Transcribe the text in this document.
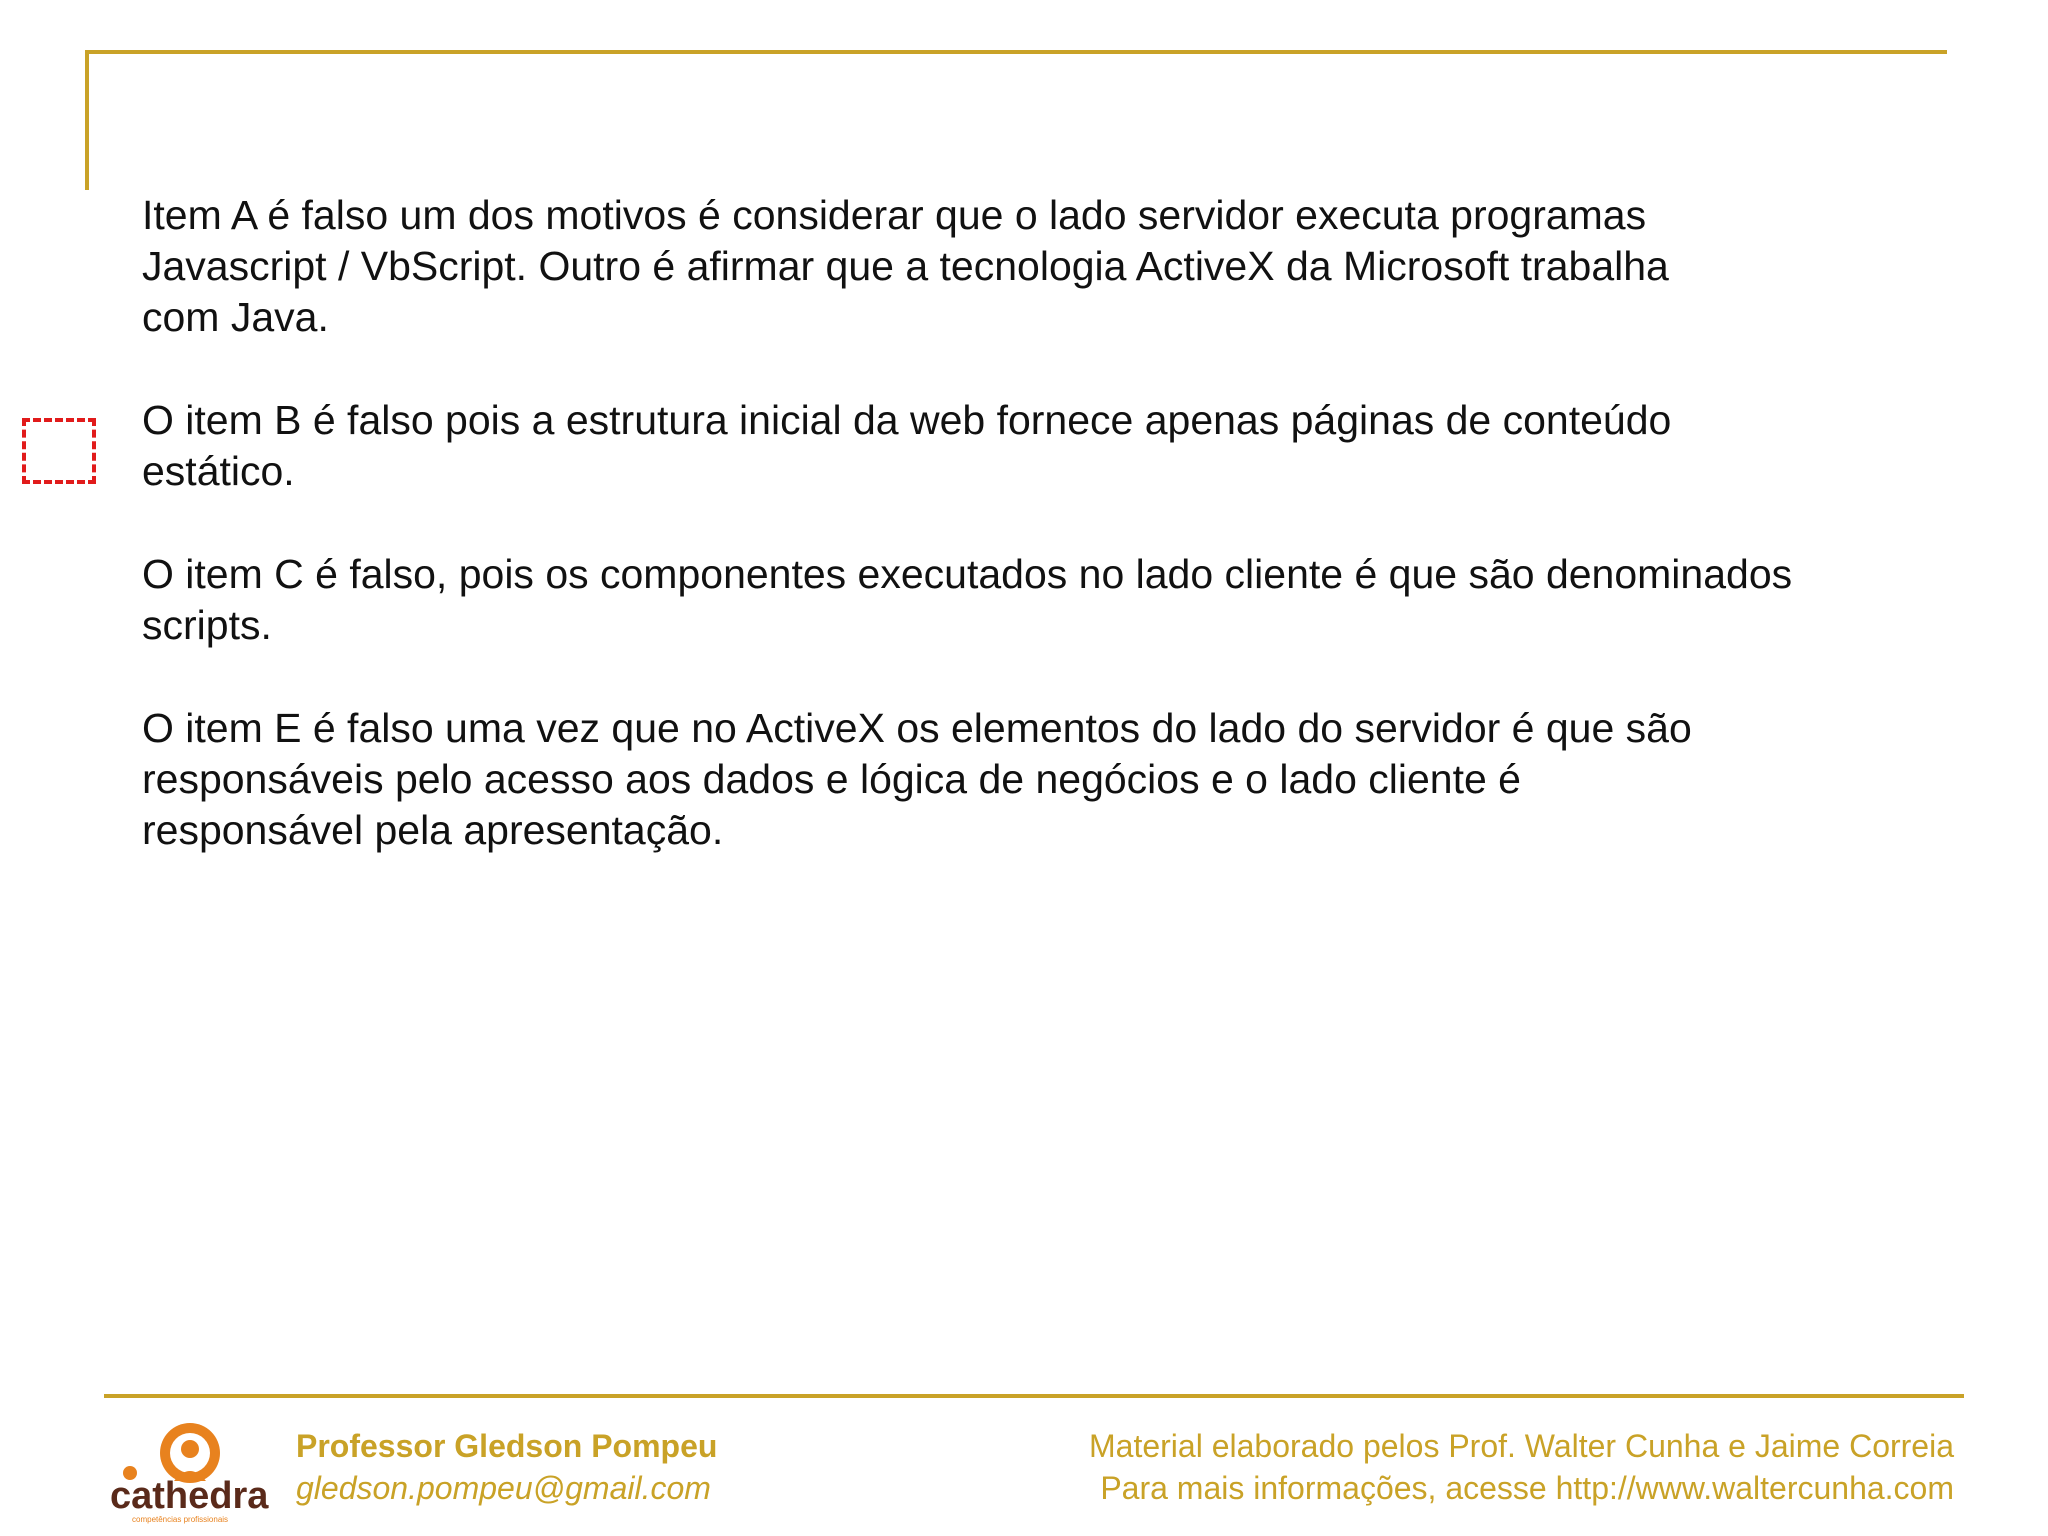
Item A é falso um dos motivos é considerar que o lado servidor executa programas
Javascript / VbScript. Outro é afirmar que a tecnologia ActiveX da Microsoft trabalha
com Java.

O item B é falso pois a estrutura inicial da web fornece apenas páginas de conteúdo
estático.

O item C é falso, pois os componentes executados no lado cliente é que são denominados
scripts.

O item E é falso uma vez que no ActiveX os elementos do lado do servidor é que são
responsáveis pelo acesso aos dados e lógica de negócios e o lado cliente é
responsável pela apresentação.

cathedra
competências profissionais
Professor Gledson Pompeu
gledson.pompeu@gmail.com
Material elaborado pelos Prof. Walter Cunha e Jaime Correia
Para mais informações, acesse http://www.waltercunha.com
